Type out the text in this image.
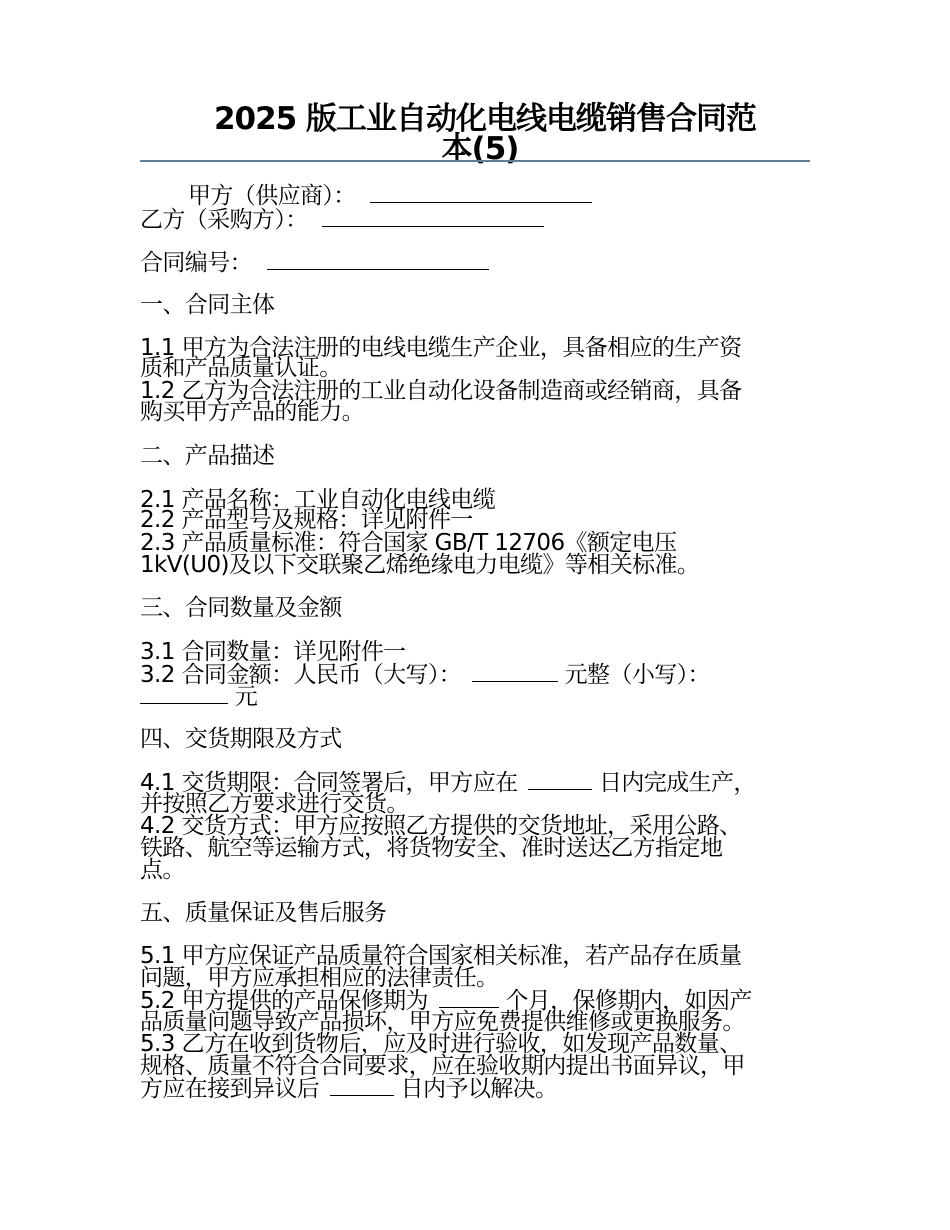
2025 版工业自动化电线电缆销售合同范
本(5)
甲方（供应商）：
乙方（采购方）：
合同编号：
一、合同主体
1.1 甲方为合法注册的电线电缆生产企业，具备相应的生产资
质和产品质量认证。
1.2 乙方为合法注册的工业自动化设备制造商或经销商，具备
购买甲方产品的能力。
二、产品描述
2.1 产品名称：工业自动化电线电缆
2.2 产品型号及规格：详见附件一
2.3 产品质量标准：符合国家 GB/T 12706《额定电压
1kV(U0)及以下交联聚乙烯绝缘电力电缆》等相关标准。
三、合同数量及金额
3.1 合同数量：详见附件一
3.2 合同金额：人民币（大写）：	元整（小写）：
元
四、交货期限及方式
4.1 交货期限：合同签署后，甲方应在	日内完成生产，
并按照乙方要求进行交货。
4.2 交货方式：甲方应按照乙方提供的交货地址，采用公路、
铁路、航空等运输方式，将货物安全、准时送达乙方指定地
点。
五、质量保证及售后服务
5.1 甲方应保证产品质量符合国家相关标准，若产品存在质量
问题，甲方应承担相应的法律责任。
5.2 甲方提供的产品保修期为	个月，保修期内，如因产
品质量问题导致产品损坏，甲方应免费提供维修或更换服务。
5.3 乙方在收到货物后，应及时进行验收，如发现产品数量、
规格、质量不符合合同要求，应在验收期内提出书面异议，甲
方应在接到异议后	日内予以解决。
